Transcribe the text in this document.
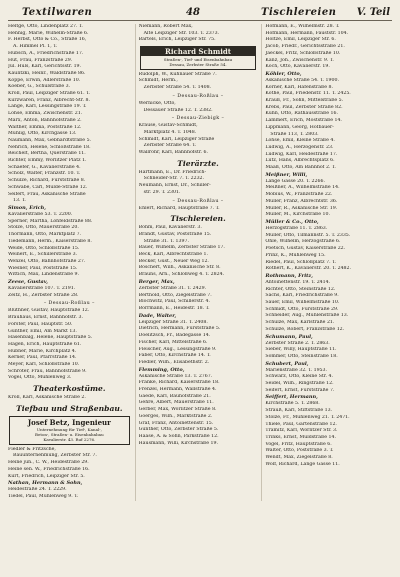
Textilwaren	48	Tischlereien V. Teil
Heltge, Otto, Lindenplatz 27. T.
Hennig, Marie, Wilhelm-Straße 6.
F. Herbst, Otto & Co., Straße 16,
A. Himmel Pl. 1, T.
Hübsch, A., Friedrichstraße 17.
Hüt, Frau, Franzstraße 29.
Jul. Hüls, Karl, Gerichtsstr. 19.
Kaulitzki, Heinr., Waldstraße 86.
Koppe, Erwin, Adlerstraße 10.
Koeber, G., Schulstraße 3.
Kroll, Paul, Leipziger Straße 61. T.
Kurzwaren, Franz, Albrecht-Str. 8.
Lange, Karl, Lessingstraße 19. T.
Lohse, Emma, Zwischenstr. 21.
Marx, Anton, Bahnhofstraße 2.
Walther, Emma, Poststraße 12.
Mühlig, Otto, Kirchgasse 13.
Naumann, Max, Gebhardtstraße 5.
Nehrich, Helene, Schloßstraße 18.
Reichelt, Bertha, Querstraße 11.
Richter, Emmy, Wörlitzer Platz 1.
Schaefer, G., Kavalierstraße 4.
Scholz, Walter, Franzstr. 10. T.
Schulze, Richard, Fürststraße 8.
Schwabe, Carl, Mulde-Straße 12.
Seifert, Frau, Askanische Straße
13. T.
Simon, Erich,
Kavalierstraße 53. T. 2200.
Sperner, Martha, Lohfeldstraße 88.
Stolze, Otto, Mauerstraße 20.
Thormann, Otto, Marktplatz 7.
Tiedemann, Herm., Kaiserstraße 8.
Weide, Otto, Schloßstraße 15.
Weinert, E., Schillerstraße 3.
Wenzel, Otto, Bahnhofstraße 27.
Wiesner, Paul, Poststraße 15.
Wittich, Max, Lindenstraße 9.
Zeese, Gustav,
Kavalierstraße 107. T. 2191.
Zeitz, H., Zerbster Straße 28.
– Dessau-Roßlau –
Blüthner, Gustav, Hauptstraße 12.
Brauhaus, Ernst, Bahnhofstr. 3.
Förster, Paul, Hauptstr. 50.
Günther, Emil, Am Markt 13.
Hasenbalg, Helene, Hauptstraße 5.
Hagen, Erich, Hauptstraße 61.
Hübner, Marie, Kirchplatz 4.
Kerner, Paul, Pfarrstraße 14.
Meyer, Karl, Schloßstraße 10.
Schröter, Frau, Bahnhofstraße 9.
Vogel, Otto, Mühlenweg 3.
Theaterkostüme.
Kroll, Karl, Askanische Straße 2.
Tiefbau und Straßenbau.
Josef Betz, Ingenieur
Unternehmung für Tief-, Kanal-,
Beton-, Straßen- u. Eisenbahnbau
Kavalierstr. 43. Ruf 2276.
Fiedler & Fritzsche,
Bauunternehmung, Zerbster Str. 7.
Heine jun., C. W., Heidestraße 29.
Heine sen. W., Friedrichstraße 16.
Kurt, Friedrich, Leipziger Str. 5.
Nathan, Hermann & Sohn,
Heidestraße 24. T. 2229.
Tiedel, Paul, Mühlenweg 9. T.
Niemann, Robert Max,
Alte Leipziger Str. 103. T. 2373.
Bartels, Erich, Leipziger Str. 75.
Richard Schmidt
Straßen-, Tief- und Eisenbahnbau
Dessau, Zerbster Straße 54.
Rudolph, W., Kühnauer Straße 7.
Schmidt, Herm.,
Zerbster Straße 54. T. 1408.
– Dessau-Roßlau –
Wernicke, Otto,
Dessauer Straße 12. T. 2382.
– Dessau-Ziebigk –
Krause, Gustav-Schmidt,
Marktplatz 4. T. 1048.
Schmidt, Karl, Leipziger Straße
Zerbster Straße 64. T.
Wallrohr, Karl, Bahnhofstr. 6.
Tierärzte.
Hartmann, E., Dr. Friedrich-
Schneider-Str. 7. T. 2232.
Neumann, Ernst, Dr., Schiller-
str. 29. T. 2301.
– Dessau-Roßlau –
Ehlert, Richard, Hauptstraße 7. T.
Tischlereien.
Böhm, Paul, Kavalierstr. 3.
Brandt, Gustav, Poststraße 15.
Straße 31. T. 1397.
Bauer, Wilhelm, Zerbster Straße 17.
Beck, Karl, Albrechtstraße 1.
Becker, Gust., Neuer Weg 12.
Boschert, Wilh., Askanische Str. 8.
Brauns, Arn., Schloßweg 4. T. 2824.
Berger, Max,
Zerbster Straße 31. T. 2429.
Berthold, Otto, Ziegelstraße 7.
Blochwitz, Paul, Schillerstr. 4.
Borrmann, E., Heidestr. 18. T.
Dade, Walter,
Leipziger Straße 31. T. 2408.
Dietrich, Hermann, Fürststraße 5.
Doelitzsch, Fr., Badegasse 14.
Fischer, Karl, Mittelstraße 6.
Fleischer, Aug., Lessingstraße 9.
Faber, Otto, Kirchstraße 14. T.
Fiedler, Wilh., Elisabethstr. 2.
Flemming, Otto,
Askanische Straße 13. T. 2767.
Franke, Richard, Kaiserstraße 18.
Frenzel, Hermann, Wallstraße 4.
Gaede, Karl, Bauhofstraße 21.
Gehre, Albert, Mauerstraße 11.
Gerber, Max, Wörlitzer Straße 8.
Goerges, Wilh., Marktstraße 2.
Graf, Franz, Antoinettenstr. 15.
Günther, Otto, Zerbster Straße 5.
Haase, A. & Sohn, Parkstraße 12.
Hausmann, Willi, Kirchstraße 19.
Hofmann, E., Wilhelmstr. 28. T.
Hofmann, Hermann, Fauststr. 104.
Holtze, Emil, Leipziger Str. 6.
Jacob, Friedr., Gerichtsstraße 21.
Jaeckel, Fritz, Schloßstraße 10.
Kanz, Joh., Zwischenstr. 9. T.
Koch, Otto, Kavalierstr. 19.
Köhler, Otto,
Askanische Straße 54. T. 1900.
Körner, Karl, Hafenstraße 8.
Kothe, Paul, Friedenstr. 11. T. 2425.
Krauß, Fr., Sohn, Mittelstraße 5.
Krebs, Paul, Zerbster Straße 82.
Kuhn, Otto, Rathausstraße 16.
Lammert, Erich, Moststraße 14.
Lippmann, Georg, Hofbauer-
Straße 113, T. 2803.
Lohse, Emil, Kleine Straße 4.
Ludwig, A., Herzogenstr. 23.
Ludwig, Karl, Heidestraße 17.
Lutz, Hans, Albrechtsplatz 6.
Maaß, Otto, Am Bahnhof 2. T.
Meißner, Willi,
Lange Gasse 20. T. 2266.
Meißner, A., Wilhelmstraße 14.
Möbius, W., Franzstraße 22.
Müller, Franz, Albrechtstr. 36.
Müller, R., Askanische Str. 19.
Müller, M., Kirchstraße 10.
Müller & Co., Otto,
Herzogstraße 11. T. 2863.
Müller, Otto, Tilmannstr. 5. T. 2335.
Ohle, Wilhelm, Herzogstraße 6.
Poetsch, Gustav, Kaiserstraße 22.
Prinz, K., Mühlenweg 15.
Riedel, Paul, Schloßplatz 7. T.
Rothert, K., Kavalierstr. 20. T. 2482.
Rothmann, Fritz,
Antoinettenstr. 19. T. 2414.
Richter, Otto, Steinstraße 12.
Sachs, Karl, Friedrichstraße 9.
Sauer, Emil, Wilhelmstraße 10.
Schmidt, Otto, Fürststraße 29.
Schneider, Aug., Mühlenstraße 13.
Schulze, Max, Karlstraße 21.
Schulze, Robert, Franzstraße 12.
Schumann, Paul,
Zerbster Straße 2. T. 2863.
Sieber, Willy, Hauptstraße 11.
Sommer, Otto, Steinstraße 18.
Schubert, Paul,
Marienstraße 32. T. 1953.
Schwarz, Otto, Kleine Str. 4.
Seidel, Wilh., Ringstraße 12.
Seifert, Ernst, Fürststraße 7.
Seiffert, Hermann,
Kirchstraße 5. T. 2868.
Strauß, Karl, Stiftstraße 13.
Stolze, Fr., Mühlenweg 21. T. 2471.
Thiele, Paul, Gartenstraße 12.
Tramitz, Karl, Wörlitzer Str. 3.
Trinks, Ernst, Muldstraße 14.
Vogel, Fritz, Hauptstraße 6.
Walter, Otto, Poststraße 3. T.
Wendt, Max, Ziegelstraße 8.
Wolf, Richard, Lange Gasse 11.
